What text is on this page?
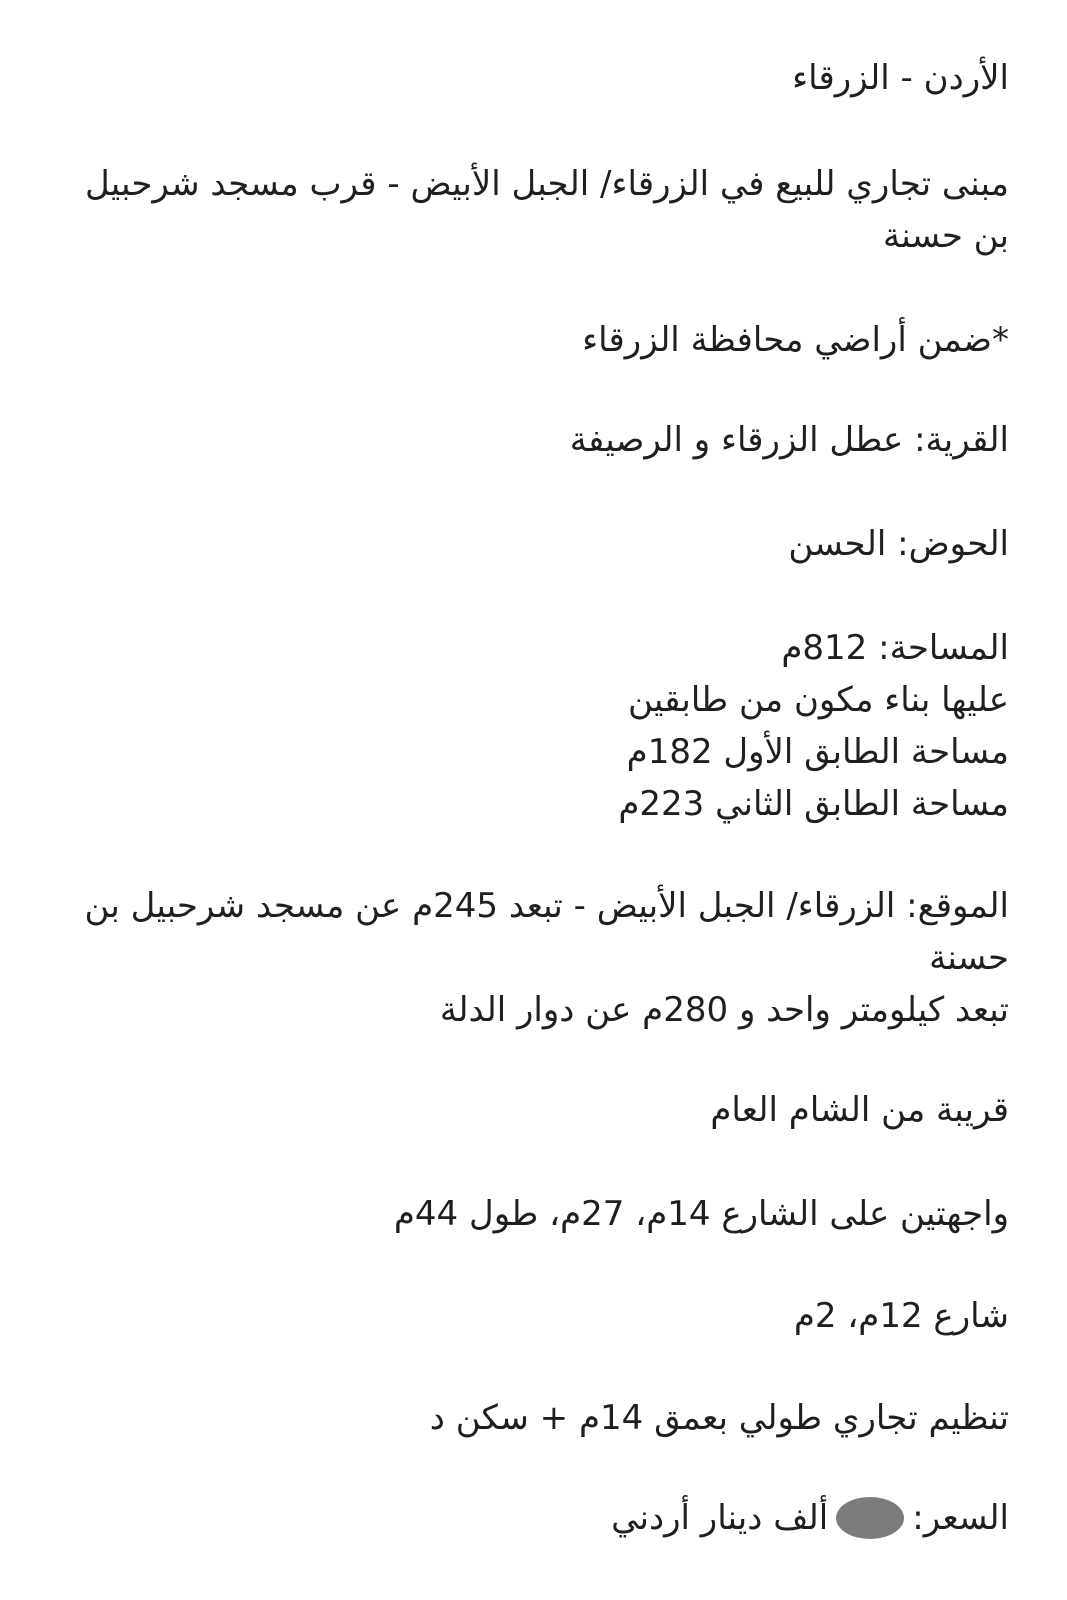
الأردن - الزرقاء
مبنى تجاري للبيع في الزرقاء/ الجبل الأبيض - قرب مسجد شرحبيل بن حسنة
*ضمن أراضي محافظة الزرقاء
القرية: عطل الزرقاء و الرصيفة
الحوض: الحسن
المساحة: 812م
عليها بناء مكون من طابقين
مساحة الطابق الأول 182م
مساحة الطابق الثاني 223م
الموقع: الزرقاء/ الجبل الأبيض - تبعد 245م عن مسجد شرحبيل بن حسنة
تبعد كيلومتر واحد و 280م عن دوار الدلة
قريبة من الشام العام
واجهتين على الشارع 14م، 27م، طول 44م
شارع 12م، 2م
تنظيم تجاري طولي بعمق 14م + سكن د
السعر:
ألف دينار أردني
